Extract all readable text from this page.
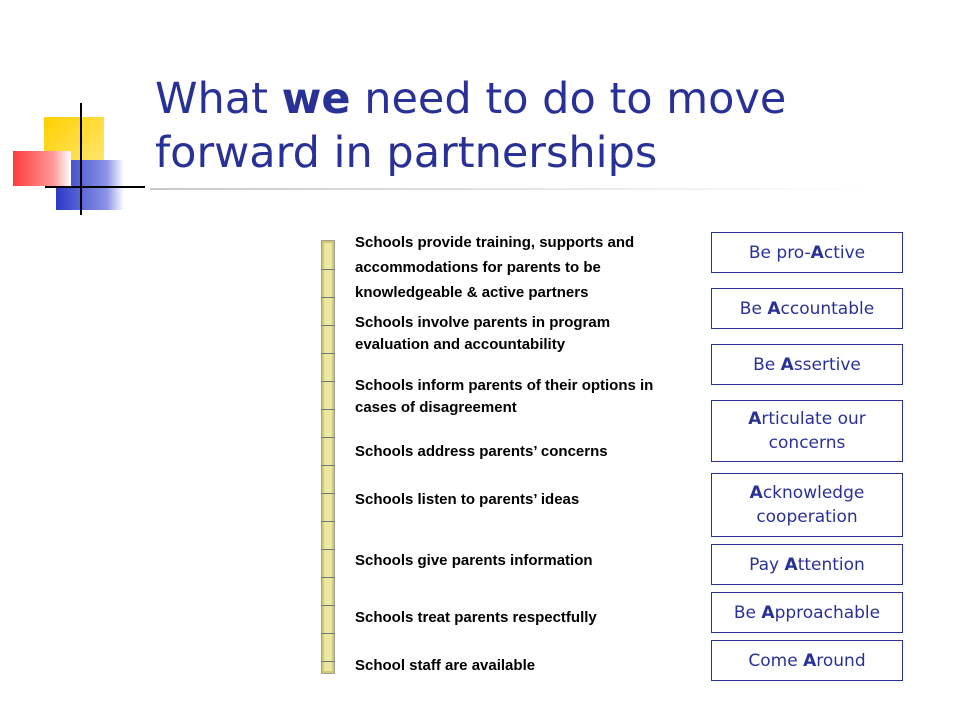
What we need to do to move forward in partnerships
Schools provide training, supports and accommodations for parents to be knowledgeable & active partners
Schools involve parents in program evaluation and accountability
Schools inform parents of their options in cases of disagreement
Schools address parents’ concerns
Schools listen to parents’ ideas
Schools give parents information
Schools treat parents respectfully
School staff are available
Be pro-Active
Be Accountable
Be Assertive
Articulate our concerns
Acknowledge cooperation
Pay Attention
Be Approachable
Come Around
